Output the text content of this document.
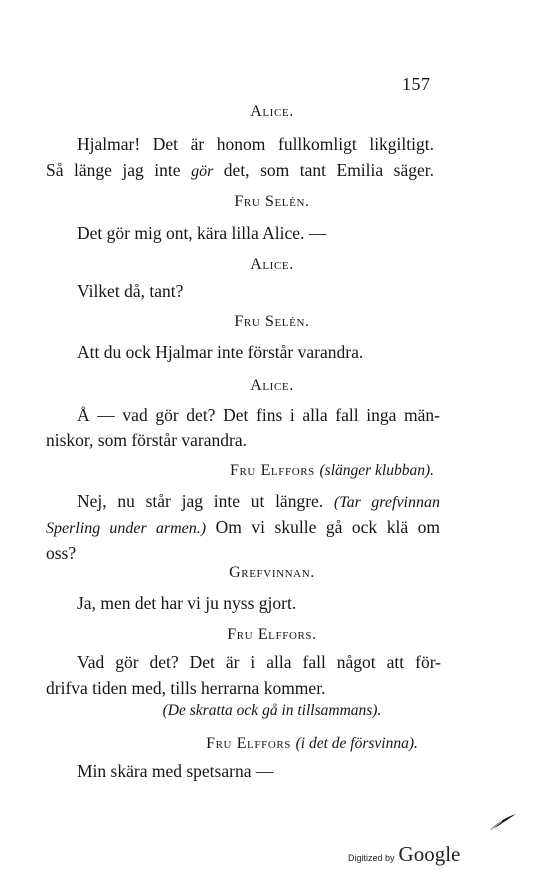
157
Alice.
Hjalmar! Det är honom fullkomligt likgiltigt.
Så länge jag inte gör det, som tant Emilia säger.
Fru Selén.
Det gör mig ont, kära lilla Alice. —
Alice.
Vilket då, tant?
Fru Selén.
Att du ock Hjalmar inte förstår varandra.
Alice.
Å — vad gör det? Det fins i alla fall inga män-
niskor, som förstår varandra.
Fru Elffors (slänger klubban).
Nej, nu står jag inte ut längre. (Tar grefvinnan
Sperling under armen.) Om vi skulle gå ock klä om
oss?
Grefvinnan.
Ja, men det har vi ju nyss gjort.
Fru Elffors.
Vad gör det? Det är i alla fall något att för-
drifva tiden med, tills herrarna kommer.
(De skratta ock gå in tillsammans).
Fru Elffors (i det de försvinna).
Min skära med spetsarna —
Digitized by Google
